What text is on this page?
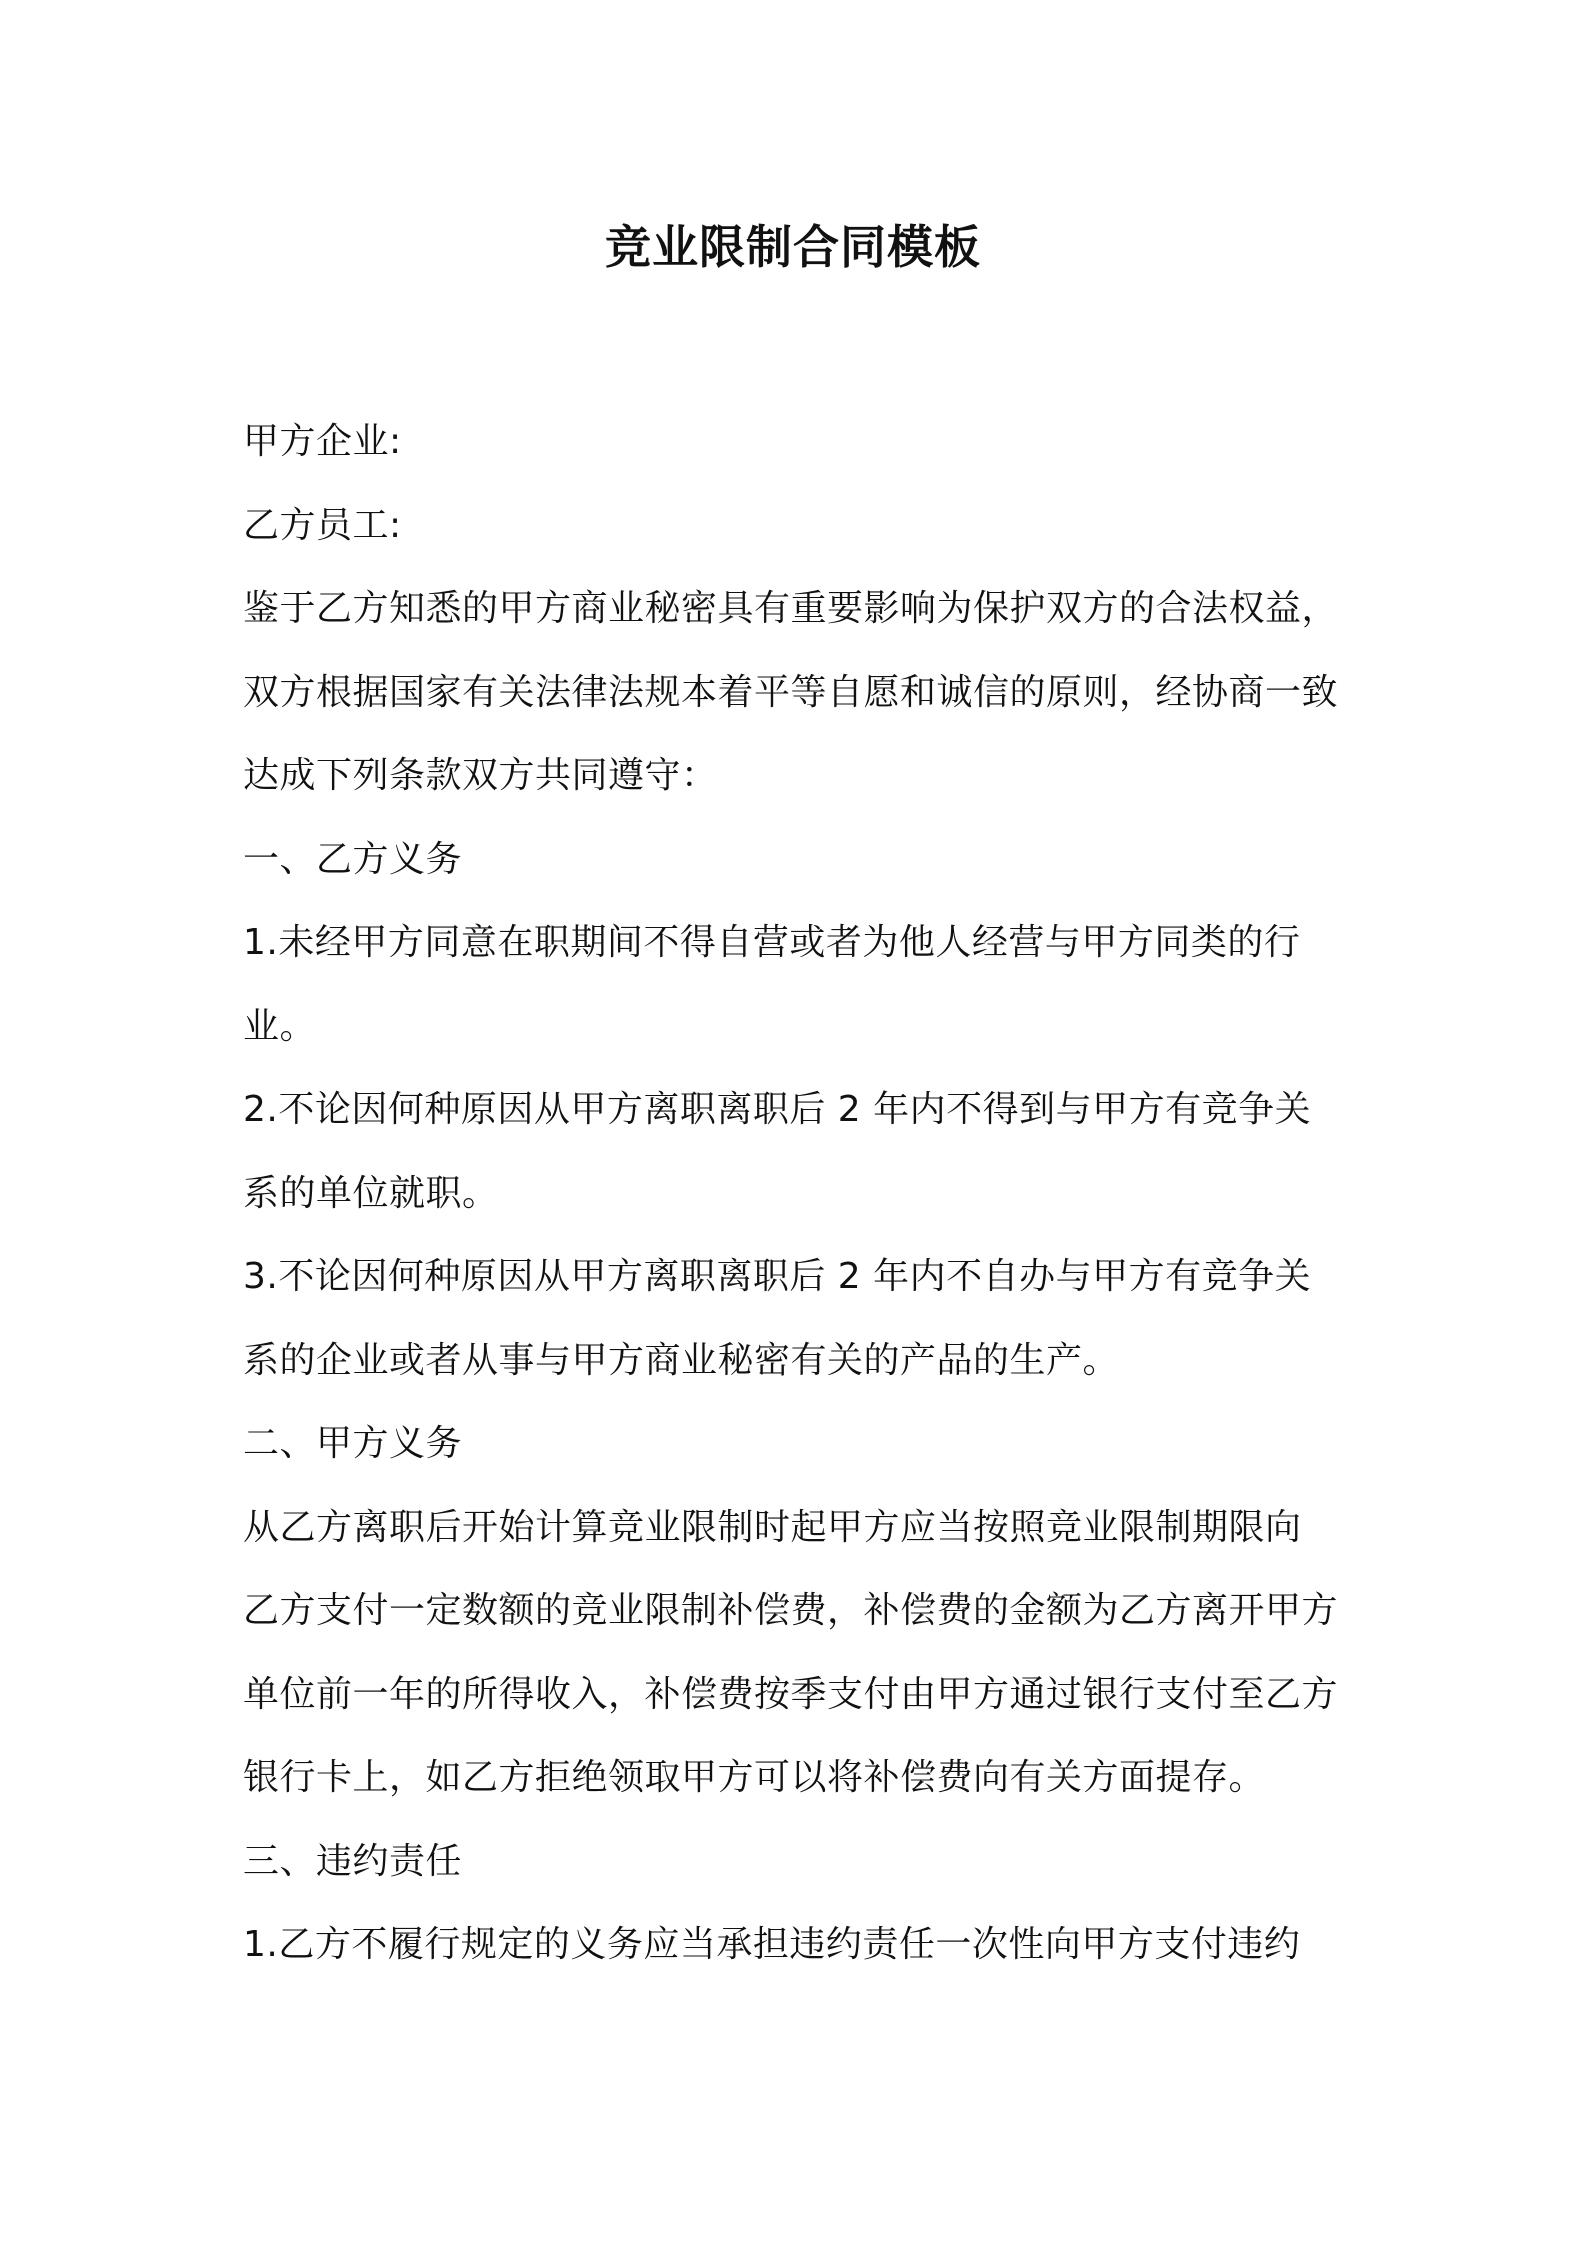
竞业限制合同模板
甲方企业:
乙方员工:
鉴于乙方知悉的甲方商业秘密具有重要影响为保护双方的合法权益，
双方根据国家有关法律法规本着平等自愿和诚信的原则，经协商一致
达成下列条款双方共同遵守：
一、乙方义务
1.未经甲方同意在职期间不得自营或者为他人经营与甲方同类的行
业。
2.不论因何种原因从甲方离职离职后 2 年内不得到与甲方有竞争关
系的单位就职。
3.不论因何种原因从甲方离职离职后 2 年内不自办与甲方有竞争关
系的企业或者从事与甲方商业秘密有关的产品的生产。
二、甲方义务
从乙方离职后开始计算竞业限制时起甲方应当按照竞业限制期限向
乙方支付一定数额的竞业限制补偿费，补偿费的金额为乙方离开甲方
单位前一年的所得收入，补偿费按季支付由甲方通过银行支付至乙方
银行卡上，如乙方拒绝领取甲方可以将补偿费向有关方面提存。
三、违约责任
1.乙方不履行规定的义务应当承担违约责任一次性向甲方支付违约
